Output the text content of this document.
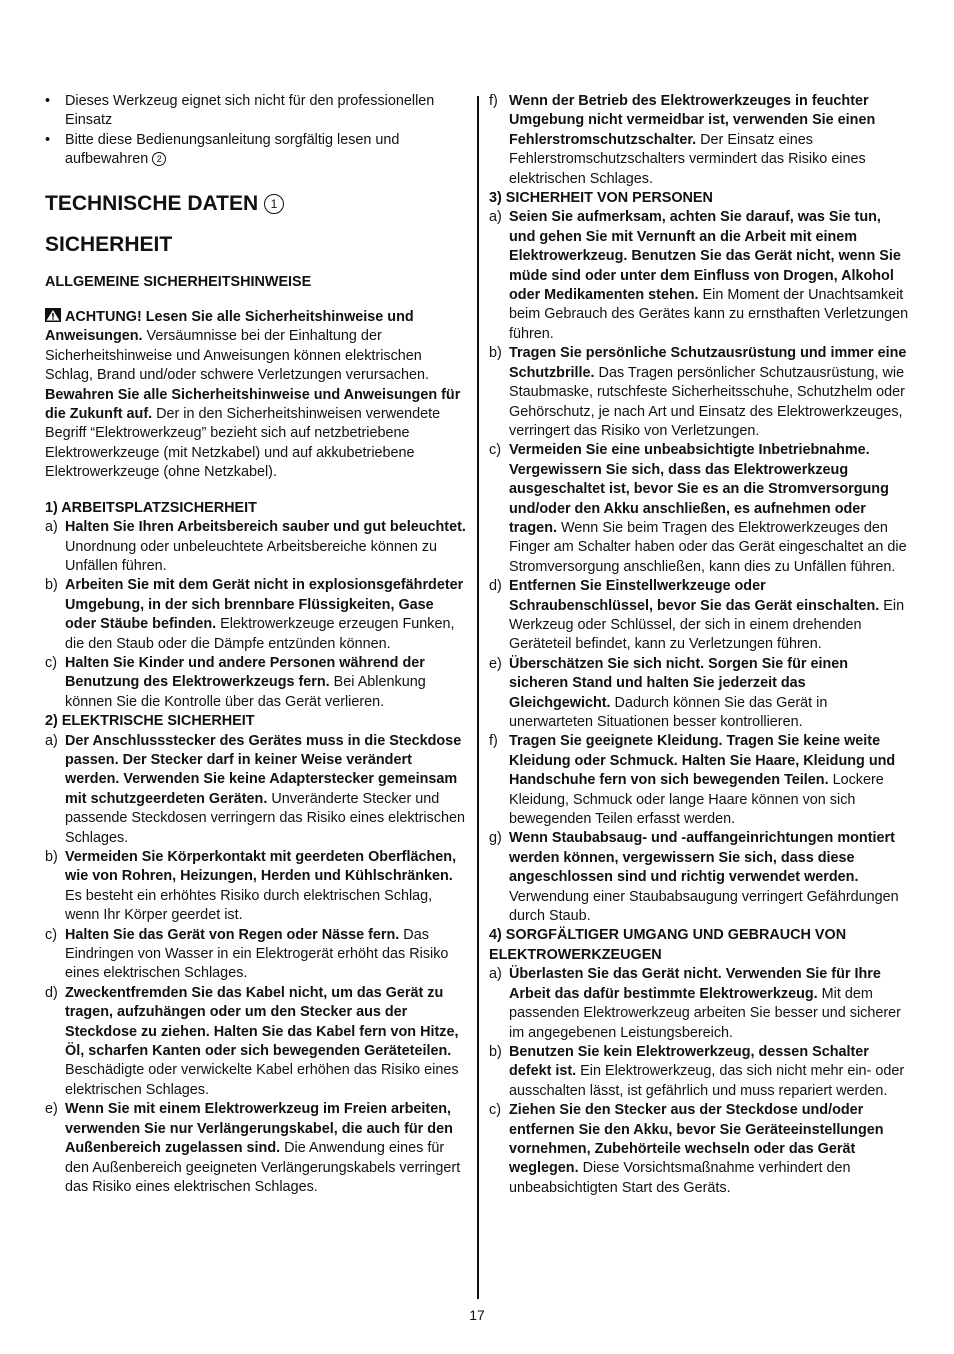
• Dieses Werkzeug eignet sich nicht für den professionellen Einsatz
• Bitte diese Bedienungsanleitung sorgfältig lesen und aufbewahren 2
TECHNISCHE DATEN 1
SICHERHEIT
ALLGEMEINE SICHERHEITSHINWEISE

ACHTUNG! Lesen Sie alle Sicherheitshinweise und Anweisungen. Versäumnisse bei der Einhaltung der Sicherheitshinweise und Anweisungen können elektrischen Schlag, Brand und/oder schwere Verletzungen verursachen. Bewahren Sie alle Sicherheitshinweise und Anweisungen für die Zukunft auf. Der in den Sicherheitshinweisen verwendete Begriff “Elektrowerkzeug” bezieht sich auf netzbetriebene Elektrowerkzeuge (mit Netzkabel) und auf akkubetriebene Elektrowerkzeuge (ohne Netzkabel).

1) ARBEITSPLATZSICHERHEIT
a) Halten Sie Ihren Arbeitsbereich sauber und gut beleuchtet. Unordnung oder unbeleuchtete Arbeitsbereiche können zu Unfällen führen.
b) Arbeiten Sie mit dem Gerät nicht in explosionsgefährdeter Umgebung, in der sich brennbare Flüssigkeiten, Gase oder Stäube befinden. Elektrowerkzeuge erzeugen Funken, die den Staub oder die Dämpfe entzünden können.
c) Halten Sie Kinder und andere Personen während der Benutzung des Elektrowerkzeugs fern. Bei Ablenkung können Sie die Kontrolle über das Gerät verlieren.
2) ELEKTRISCHE SICHERHEIT
a) Der Anschlussstecker des Gerätes muss in die Steckdose passen. Der Stecker darf in keiner Weise verändert werden. Verwenden Sie keine Adapterstecker gemeinsam mit schutzgeerdeten Geräten. Unveränderte Stecker und passende Steckdosen verringern das Risiko eines elektrischen Schlages.
b) Vermeiden Sie Körperkontakt mit geerdeten Oberflächen, wie von Rohren, Heizungen, Herden und Kühlschränken. Es besteht ein erhöhtes Risiko durch elektrischen Schlag, wenn Ihr Körper geerdet ist.
c) Halten Sie das Gerät von Regen oder Nässe fern. Das Eindringen von Wasser in ein Elektrogerät erhöht das Risiko eines elektrischen Schlages.
d) Zweckentfremden Sie das Kabel nicht, um das Gerät zu tragen, aufzuhängen oder um den Stecker aus der Steckdose zu ziehen. Halten Sie das Kabel fern von Hitze, Öl, scharfen Kanten oder sich bewegenden Geräteteilen. Beschädigte oder verwickelte Kabel erhöhen das Risiko eines elektrischen Schlages.
e) Wenn Sie mit einem Elektrowerkzeug im Freien arbeiten, verwenden Sie nur Verlängerungskabel, die auch für den Außenbereich zugelassen sind. Die Anwendung eines für den Außenbereich geeigneten Verlängerungskabels verringert das Risiko eines elektrischen Schlages.
f) Wenn der Betrieb des Elektrowerkzeuges in feuchter Umgebung nicht vermeidbar ist, verwenden Sie einen Fehlerstromschutzschalter. Der Einsatz eines Fehlerstromschutzschalters vermindert das Risiko eines elektrischen Schlages.
3) SICHERHEIT VON PERSONEN
a) Seien Sie aufmerksam, achten Sie darauf, was Sie tun, und gehen Sie mit Vernunft an die Arbeit mit einem Elektrowerkzeug. Benutzen Sie das Gerät nicht, wenn Sie müde sind oder unter dem Einfluss von Drogen, Alkohol oder Medikamenten stehen. Ein Moment der Unachtsamkeit beim Gebrauch des Gerätes kann zu ernsthaften Verletzungen führen.
b) Tragen Sie persönliche Schutzausrüstung und immer eine Schutzbrille. Das Tragen persönlicher Schutzausrüstung, wie Staubmaske, rutschfeste Sicherheitsschuhe, Schutzhelm oder Gehörschutz, je nach Art und Einsatz des Elektrowerkzeuges, verringert das Risiko von Verletzungen.
c) Vermeiden Sie eine unbeabsichtigte Inbetriebnahme. Vergewissern Sie sich, dass das Elektrowerkzeug ausgeschaltet ist, bevor Sie es an die Stromversorgung und/oder den Akku anschließen, es aufnehmen oder tragen. Wenn Sie beim Tragen des Elektrowerkzeuges den Finger am Schalter haben oder das Gerät eingeschaltet an die Stromversorgung anschließen, kann dies zu Unfällen führen.
d) Entfernen Sie Einstellwerkzeuge oder Schraubenschlüssel, bevor Sie das Gerät einschalten. Ein Werkzeug oder Schlüssel, der sich in einem drehenden Geräteteil befindet, kann zu Verletzungen führen.
e) Überschätzen Sie sich nicht. Sorgen Sie für einen sicheren Stand und halten Sie jederzeit das Gleichgewicht. Dadurch können Sie das Gerät in unerwarteten Situationen besser kontrollieren.
f) Tragen Sie geeignete Kleidung. Tragen Sie keine weite Kleidung oder Schmuck. Halten Sie Haare, Kleidung und Handschuhe fern von sich bewegenden Teilen. Lockere Kleidung, Schmuck oder lange Haare können von sich bewegenden Teilen erfasst werden.
g) Wenn Staubabsaug- und -auffangeinrichtungen montiert werden können, vergewissern Sie sich, dass diese angeschlossen sind und richtig verwendet werden. Verwendung einer Staubabsaugung verringert Gefährdungen durch Staub.
4) SORGFÄLTIGER UMGANG UND GEBRAUCH VON ELEKTROWERKZEUGEN
a) Überlasten Sie das Gerät nicht. Verwenden Sie für Ihre Arbeit das dafür bestimmte Elektrowerkzeug. Mit dem passenden Elektrowerkzeug arbeiten Sie besser und sicherer im angegebenen Leistungsbereich.
b) Benutzen Sie kein Elektrowerkzeug, dessen Schalter defekt ist. Ein Elektrowerkzeug, das sich nicht mehr ein- oder ausschalten lässt, ist gefährlich und muss repariert werden.
c) Ziehen Sie den Stecker aus der Steckdose und/oder entfernen Sie den Akku, bevor Sie Geräteeinstellungen vornehmen, Zubehörteile wechseln oder das Gerät weglegen. Diese Vorsichtsmaßnahme verhindert den unbeabsichtigten Start des Geräts.
17
